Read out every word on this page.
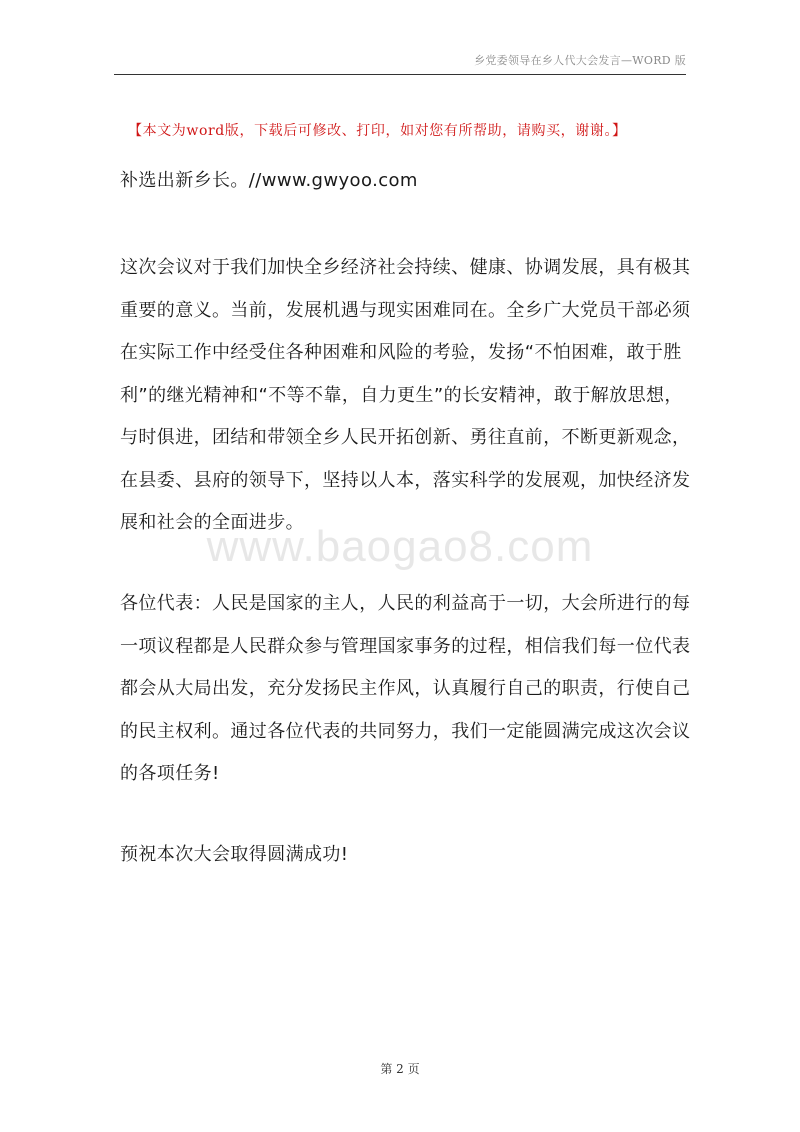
乡党委领导在乡人代大会发言—WORD 版
【本文为word版，下载后可修改、打印，如对您有所帮助，请购买，谢谢。】
补选出新乡长。//www.gwyoo.com
这次会议对于我们加快全乡经济社会持续、健康、协调发展，具有极其重要的意义。当前，发展机遇与现实困难同在。全乡广大党员干部必须在实际工作中经受住各种困难和风险的考验，发扬“不怕困难，敢于胜利”的继光精神和“不等不靠，自力更生”的长安精神，敢于解放思想，与时俱进，团结和带领全乡人民开拓创新、勇往直前，不断更新观念，在县委、县府的领导下，坚持以人本，落实科学的发展观，加快经济发展和社会的全面进步。
www.baogao8.com
各位代表：人民是国家的主人，人民的利益高于一切，大会所进行的每一项议程都是人民群众参与管理国家事务的过程，相信我们每一位代表都会从大局出发，充分发扬民主作风，认真履行自己的职责，行使自己的民主权利。通过各位代表的共同努力，我们一定能圆满完成这次会议的各项任务!
预祝本次大会取得圆满成功!
第 2 页
